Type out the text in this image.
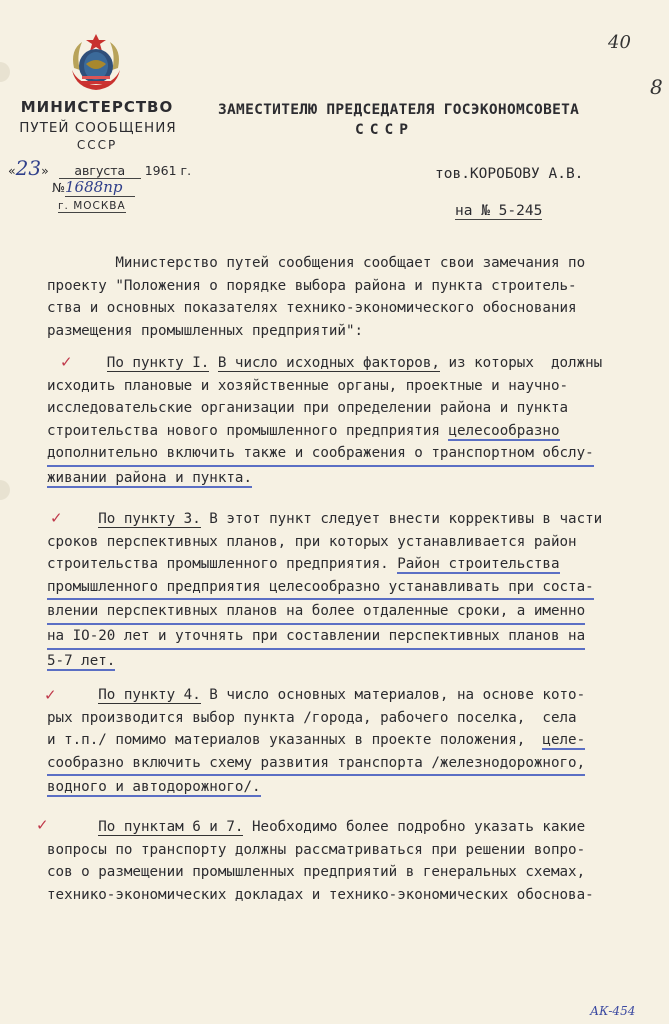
МИНИСТЕРСТВО
ПУТЕЙ СООБЩЕНИЯ
СССР
ЗАМЕСТИТЕЛЮ ПРЕДСЕДАТЕЛЯ ГОСЭКОНОМСОВЕТА
СССР
«23» августа 1961 г.
№1688пр
г. МОСКВА
тов.КОРОБОВУ А.В.
на № 5-245
40
8
АК-454

Министерство путей сообщения сообщает свои замечания по

проекту "Положения о порядке выбора района и пункта строитель-

ства и основных показателях технико-экономического обоснования

размещения промышленных предприятий":

✓	По пункту I. В число исходных факторов, из которых  должны

исходить плановые и хозяйственные органы, проектные и научно-

исследовательские организации при определении района и пункта

строительства нового промышленного предприятия целесообразно

дополнительно включить также и соображения о транспортном обслу-

живании района и пункта.

✓	По пункту 3. В этот пункт следует внести коррективы в части

сроков перспективных планов, при которых устанавливается район

строительства промышленного предприятия. Район строительства

промышленного предприятия целесообразно устанавливать при соста-

влении перспективных планов на более отдаленные сроки, а именно

на IO-20 лет и уточнять при составлении перспективных планов на

5-7 лет.

✓	По пункту 4. В число основных материалов, на основе кото-

рых производится выбор пункта /города, рабочего поселка,  села

и т.п./ помимо материалов указанных в проекте положения,  целе-

сообразно включить схему развития транспорта /железнодорожного,

водного и автодорожного/.

✓	По пунктам 6 и 7. Необходимо более подробно указать какие

вопросы по транспорту должны рассматриваться при решении вопро-

сов о размещении промышленных предприятий в генеральных схемах,

технико-экономических докладах и технико-экономических обоснова-
